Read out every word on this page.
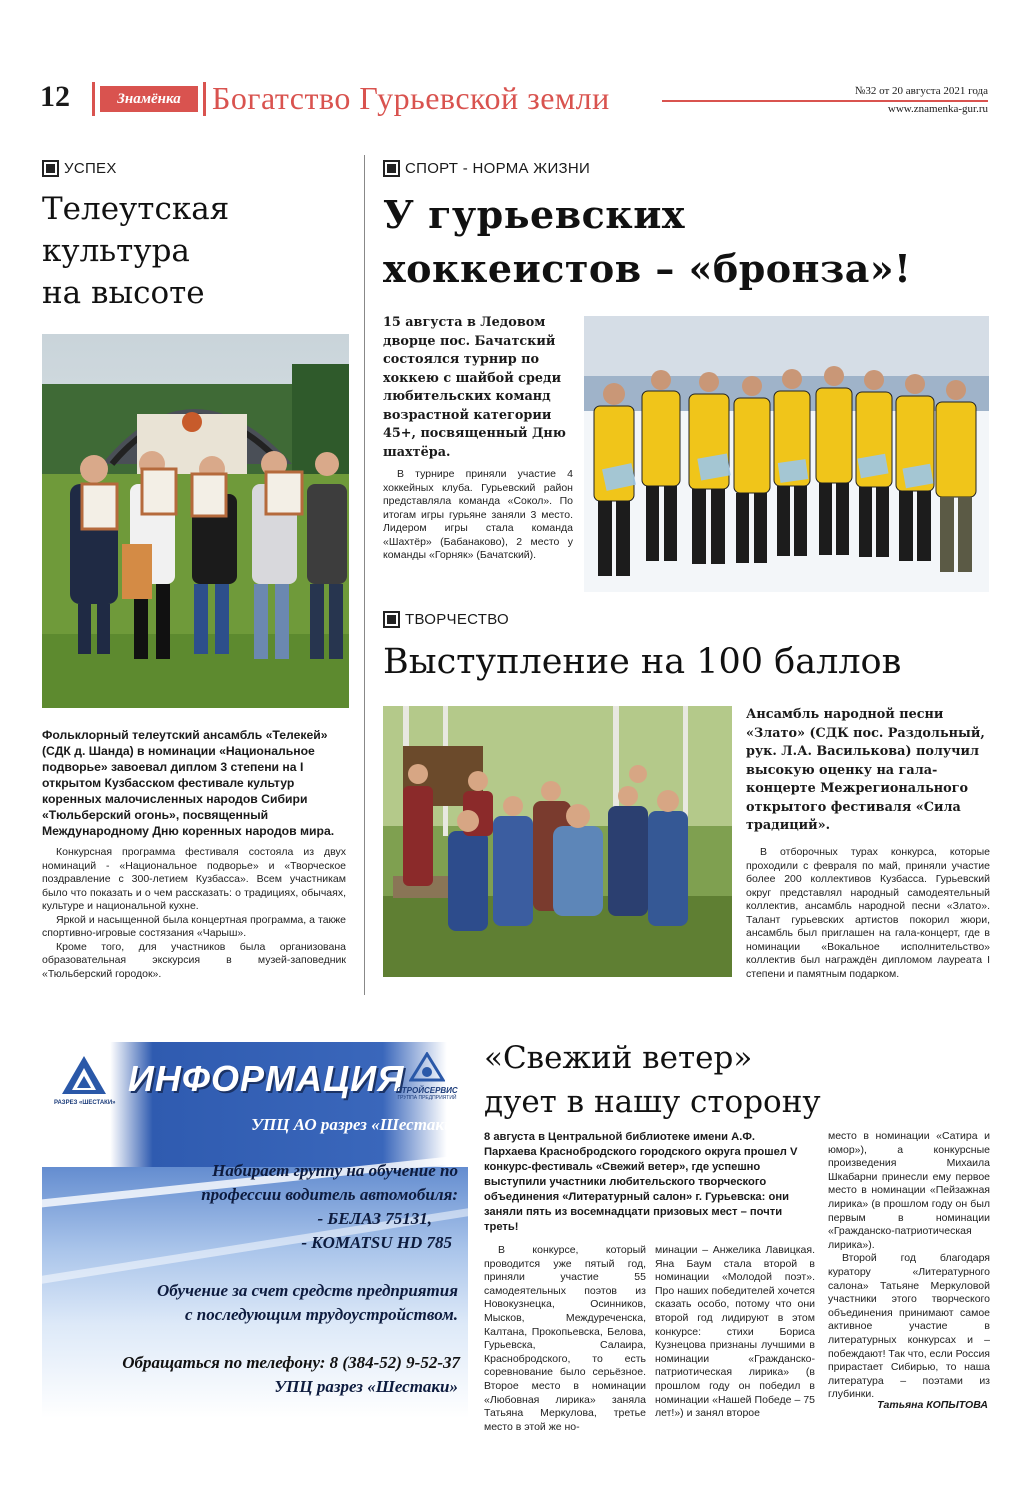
12	Знамёнка Богатство Гурьевской земли	№32 от 20 августа 2021 года
www.znamenka-gur.ru
УСПЕХ
Телеутская
культура
на высоте
Фольклорный телеутский ансамбль «Телекей» (СДК д. Шанда) в номинации «Национальное подворье» завоевал диплом 3 степени на I открытом Кузбасском фестивале культур коренных малочисленных народов Сибири «Тюльберский огонь», посвященный Международному Дню коренных народов мира.

Конкурсная программа фестиваля состояла из двух номинаций - «Национальное подворье» и «Творческое поздравление с 300-летием Кузбасса». Всем участникам было что показать и о чем рассказать: о традициях, обычаях, культуре и национальной кухне.

Яркой и насыщенной была концертная программа, а также спортивно-игровые состязания «Чарыш».

Кроме того, для участников была организована образовательная экскурсия в музей-заповедник «Тюльберский городок».

СПОРТ - НОРМА ЖИЗНИ
У гурьевских
хоккеистов – «бронза»!
15 августа в Ледовом дворце пос. Бачатский состоялся турнир по хоккею с шайбой среди любительских команд возрастной категории 45+, посвященный Дню шахтёра.

В турнире приняли участие 4 хоккейных клуба. Гурьевский район представляла команда «Сокол». По итогам игры гурьяне заняли 3 место. Лидером игры стала команда «Шахтёр» (Бабанаково), 2 место у команды «Горняк» (Бачатский).

ТВОРЧЕСТВО
Выступление на 100 баллов
Ансамбль народной песни «Злато» (СДК пос. Раздольный, рук. Л.А. Василькова) получил высокую оценку на гала-концерте Межрегионального открытого фестиваля «Сила традиций».

В отборочных турах конкурса, которые проходили с февраля по май, приняли участие более 200 коллективов Кузбасса. Гурьевский округ представлял народный самодеятельный коллектив, ансамбль народной песни «Злато». Талант гурьевских артистов покорил жюри, ансамбль был приглашен на гала-концерт, где в номинации «Вокальное исполнительство» коллектив был награждён дипломом лауреата I степени и памятным подарком.

РАЗРЕЗ «ШЕСТАКИ»
ИНФОРМАЦИЯ
СТРОЙСЕРВИС
ГРУППА ПРЕДПРИЯТИЙ
УПЦ АО разрез «Шестаки»
Набирает группу на обучение по
профессии водитель автомобиля:
- БЕЛАЗ 75131,
- KOMATSU HD 785
Обучение за счет средств предприятия
с последующим трудоустройством.
Обращаться по телефону: 8 (384-52) 9-52-37
УПЦ разрез «Шестаки»
«Свежий ветер»
дует в нашу сторону
8 августа в Центральной библиотеке имени А.Ф. Пархаева Краснобродского городского округа прошел V конкурс-фестиваль «Свежий ветер», где успешно выступили участники любительского творческого объединения «Литературный салон» г. Гурьевска: они заняли пять из восемнадцати призовых мест – почти треть!

В конкурсе, который проводится уже пятый год, приняли участие 55 самодеятельных поэтов из Новокузнецка, Осинников, Мысков, Междуреченска, Калтана, Прокопьевска, Белова, Гурьевска, Салаира, Краснобродского, то есть соревнование было серьёзное. Второе место в номинации «Любовная лирика» заняла Татьяна Меркулова, третье место в этой же но-

минации – Анжелика Лавицкая. Яна Баум стала второй в номинации «Молодой поэт». Про наших победителей хочется сказать особо, потому что они второй год лидируют в этом конкурсе: стихи Бориса Кузнецова признаны лучшими в номинации «Гражданско-патриотическая лирика» (в прошлом году он победил в номинации «Нашей Победе – 75 лет!») и занял второе

место в номинации «Сатира и юмор»), а конкурсные произведения Михаила Шкабарни принесли ему первое место в номинации «Пейзажная лирика» (в прошлом году он был первым в номинации «Гражданско-патриотическая лирика»).

Второй год благодаря куратору «Литературного салона» Татьяне Меркуловой участники этого творческого объединения принимают самое активное участие в литературных конкурсах и – побеждают! Так что, если Россия прирастает Сибирью, то наша литература – поэтами из глубинки.

Татьяна КОПЫТОВА
